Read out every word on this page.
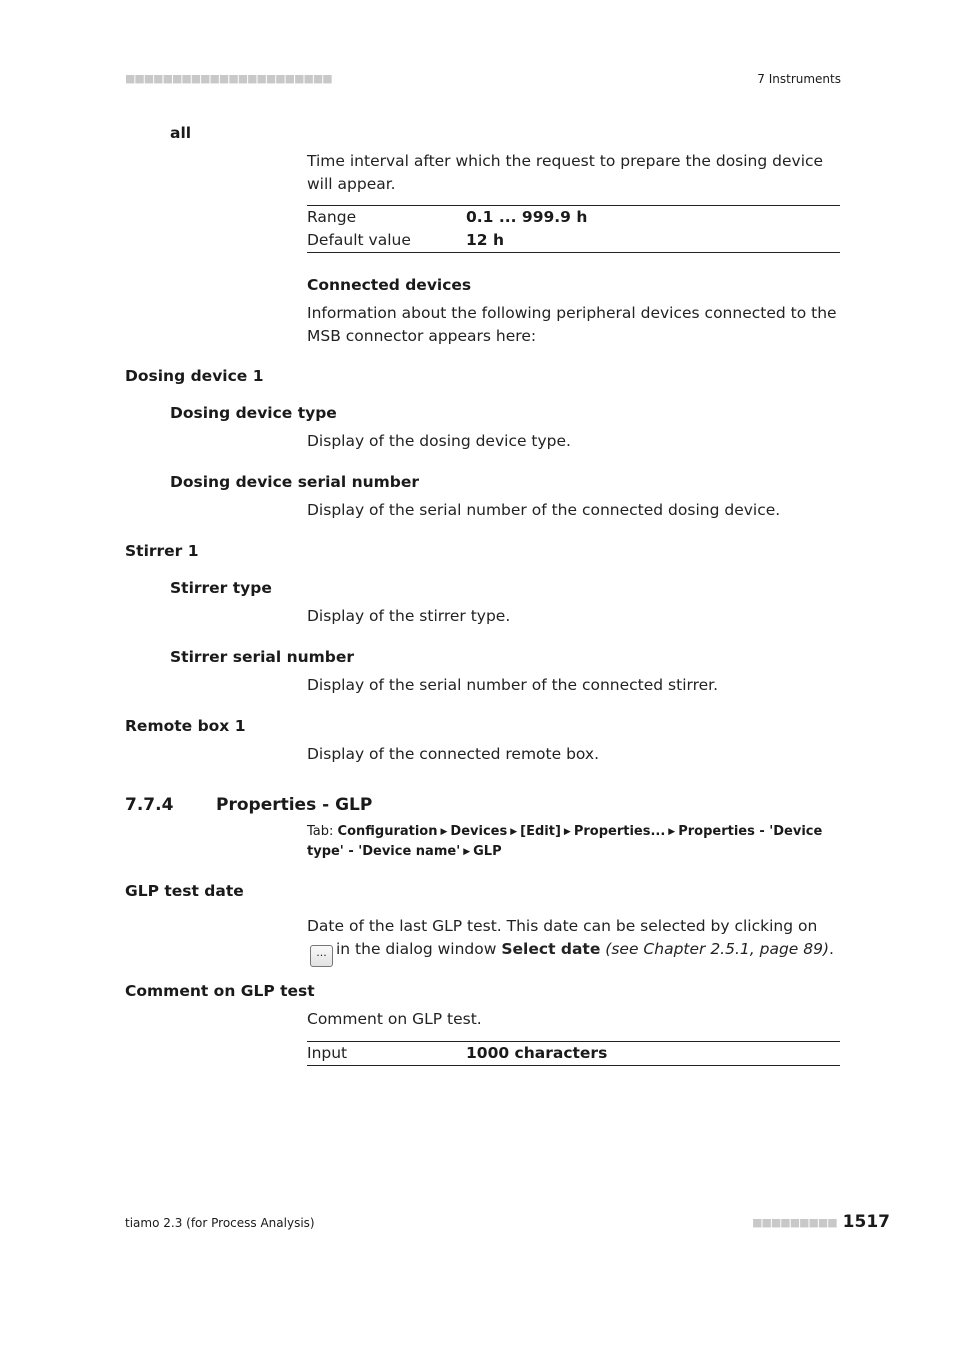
■■■■■■■■■■■■■■■■■■■■■■	7 Instruments
all
Time interval after which the request to prepare the dosing device will appear.
Range	0.1 ... 999.9 h
Default value	12 h
Connected devices
Information about the following peripheral devices connected to the MSB connector appears here:
Dosing device 1
Dosing device type
Display of the dosing device type.
Dosing device serial number
Display of the serial number of the connected dosing device.
Stirrer 1
Stirrer type
Display of the stirrer type.
Stirrer serial number
Display of the serial number of the connected stirrer.
Remote box 1
Display of the connected remote box.
7.7.4	Properties - GLP
Tab: Configuration ▶ Devices ▶ [Edit] ▶ Properties... ▶ Properties - 'Device type' - 'Device name' ▶ GLP
GLP test date
Date of the last GLP test. This date can be selected by clicking on... in the dialog window Select date (see Chapter 2.5.1, page 89).
Comment on GLP test
Comment on GLP test.
Input	1000 characters
tiamo 2.3 (for Process Analysis)	■■■■■■■■■ 1517
